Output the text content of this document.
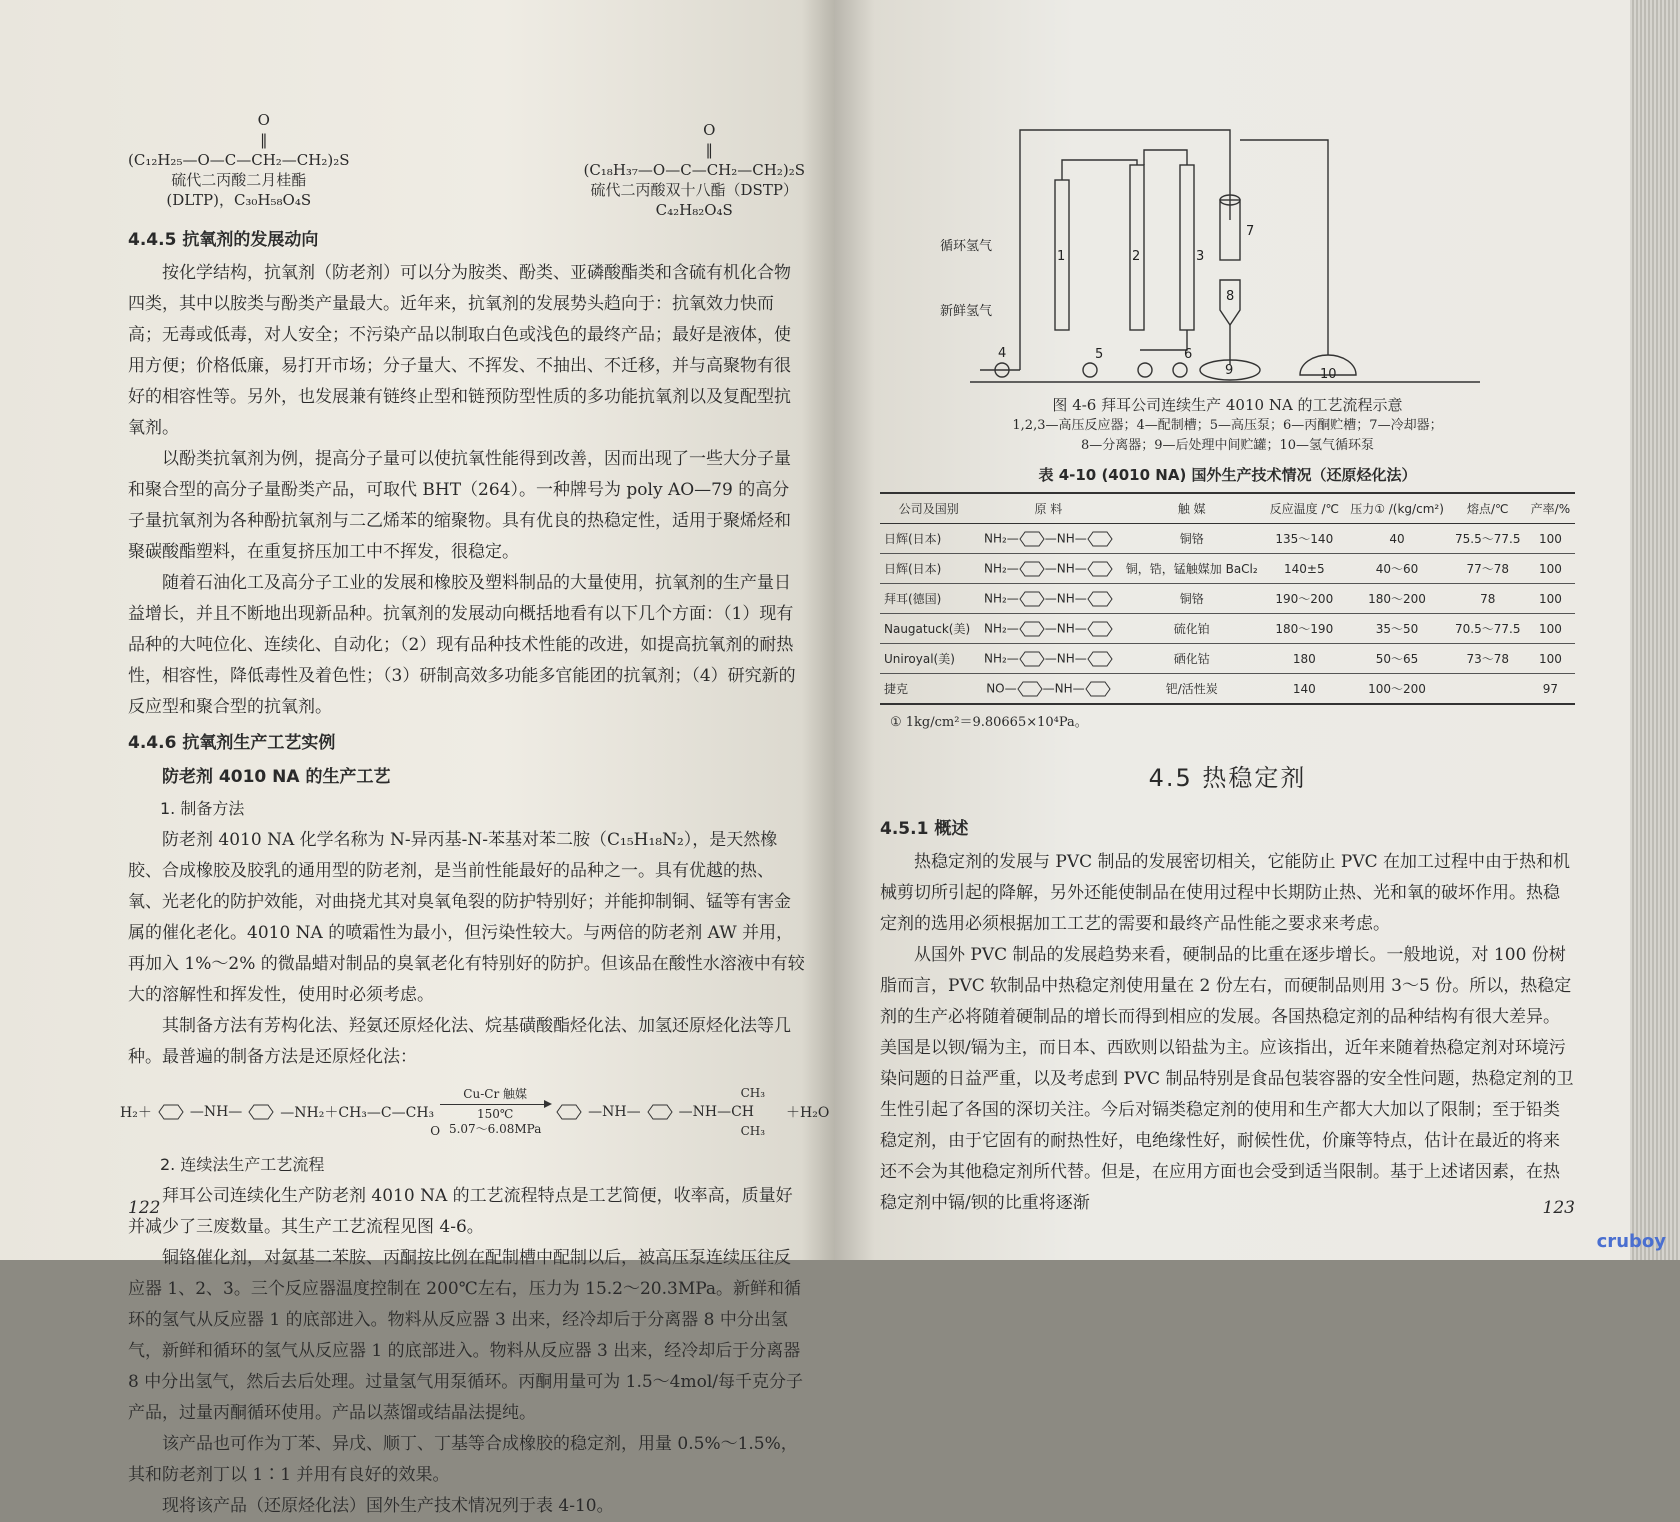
O
‖
(C₁₂H₂₅—O—C—CH₂—CH₂)₂S
硫代二丙酸二月桂酯
(DLTP)，C₃₀H₅₈O₄S
O
‖
(C₁₈H₃₇—O—C—CH₂—CH₂)₂S
硫代二丙酸双十八酯（DSTP）
C₄₂H₈₂O₄S
4.4.5 抗氧剂的发展动向

按化学结构，抗氧剂（防老剂）可以分为胺类、酚类、亚磷酸酯类和含硫有机化合物四类，其中以胺类与酚类产量最大。近年来，抗氧剂的发展势头趋向于：抗氧效力快而高；无毒或低毒，对人安全；不污染产品以制取白色或浅色的最终产品；最好是液体，使用方便；价格低廉，易打开市场；分子量大、不挥发、不抽出、不迁移，并与高聚物有很好的相容性等。另外，也发展兼有链终止型和链预防型性质的多功能抗氧剂以及复配型抗氧剂。

以酚类抗氧剂为例，提高分子量可以使抗氧性能得到改善，因而出现了一些大分子量和聚合型的高分子量酚类产品，可取代 BHT（264）。一种牌号为 poly AO—79 的高分子量抗氧剂为各种酚抗氧剂与二乙烯苯的缩聚物。具有优良的热稳定性，适用于聚烯烃和聚碳酸酯塑料，在重复挤压加工中不挥发，很稳定。

随着石油化工及高分子工业的发展和橡胶及塑料制品的大量使用，抗氧剂的生产量日益增长，并且不断地出现新品种。抗氧剂的发展动向概括地看有以下几个方面：（1）现有品种的大吨位化、连续化、自动化；（2）现有品种技术性能的改进，如提高抗氧剂的耐热性，相容性，降低毒性及着色性；（3）研制高效多功能多官能团的抗氧剂；（4）研究新的反应型和聚合型的抗氧剂。

4.4.6 抗氧剂生产工艺实例
防老剂 4010 NA 的生产工艺
1. 制备方法

防老剂 4010 NA 化学名称为 N-异丙基-N-苯基对苯二胺（C₁₅H₁₈N₂），是天然橡胶、合成橡胶及胶乳的通用型的防老剂，是当前性能最好的品种之一。具有优越的热、氧、光老化的防护效能，对曲挠尤其对臭氧龟裂的防护特别好；并能抑制铜、锰等有害金属的催化老化。4010 NA 的喷霜性为最小，但污染性较大。与两倍的防老剂 AW 并用，再加入 1%～2% 的微晶蜡对制品的臭氧老化有特别好的防护。但该品在酸性水溶液中有较大的溶解性和挥发性，使用时必须考虑。

其制备方法有芳构化法、羟氨还原烃化法、烷基磺酸酯烃化法、加氢还原烃化法等几种。最普遍的制备方法是还原烃化法：

H₂＋	—NH—	—NH₂＋CH₃—C—CH₃
O
Cu-Cr 触媒
150℃
5.07～6.08MPa
—NH—	—NH—CH
CH₃
CH₃
＋H₂O
2. 连续法生产工艺流程

拜耳公司连续化生产防老剂 4010 NA 的工艺流程特点是工艺简便，收率高，质量好并减少了三废数量。其生产工艺流程见图 4-6。

铜铬催化剂，对氨基二苯胺、丙酮按比例在配制槽中配制以后，被高压泵连续压往反应器 1、2、3。三个反应器温度控制在 200℃左右，压力为 15.2～20.3MPa。新鲜和循环的氢气从反应器 1 的底部进入。物料从反应器 3 出来，经冷却后于分离器 8 中分出氢气，新鲜和循环的氢气从反应器 1 的底部进入。物料从反应器 3 出来，经冷却后于分离器 8 中分出氢气，然后去后处理。过量氢气用泵循环。丙酮用量可为 1.5～4mol/每千克分子产品，过量丙酮循环使用。产品以蒸馏或结晶法提纯。

该产品也可作为丁苯、异戊、顺丁、丁基等合成橡胶的稳定剂，用量 0.5%～1.5%，其和防老剂丁以 1∶1 并用有良好的效果。

现将该产品（还原烃化法）国外生产技术情况列于表 4-10。

122
循环氢气
新鲜氢气
1	2	3
4	5	6
7
8
9	10
图 4-6 拜耳公司连续生产 4010 NA 的工艺流程示意
1,2,3—高压反应器；4—配制槽；5—高压泵；6—丙酮贮槽；7—冷却器；
8—分离器；9—后处理中间贮罐；10—氢气循环泵
表 4-10 (4010 NA) 国外生产技术情况（还原烃化法）
公司及国别	原 料	触 媒	反应温度 /℃	压力① /(kg/cm²)	熔点/℃	产率/%
日辉(日本)	NH₂— —NH—	铜铬	135～140	40	75.5～77.5	100
日辉(日本)	NH₂— —NH—	铜，锆，锰触媒加 BaCl₂	140±5	40～60	77～78	100
拜耳(德国)	NH₂— —NH—	铜铬	190～200	180～200	78	100
Naugatuck(美)	NH₂— —NH—	硫化铂	180～190	35～50	70.5～77.5	100
Uniroyal(美)	NH₂— —NH—	硒化钴	180	50～65	73～78	100
捷克	NO— —NH—	钯/活性炭	140	100～200		97
① 1kg/cm²＝9.80665×10⁴Pa。
4.5 热稳定剂
4.5.1 概述

热稳定剂的发展与 PVC 制品的发展密切相关，它能防止 PVC 在加工过程中由于热和机械剪切所引起的降解，另外还能使制品在使用过程中长期防止热、光和氧的破坏作用。热稳定剂的选用必须根据加工工艺的需要和最终产品性能之要求来考虑。

从国外 PVC 制品的发展趋势来看，硬制品的比重在逐步增长。一般地说，对 100 份树脂而言，PVC 软制品中热稳定剂使用量在 2 份左右，而硬制品则用 3～5 份。所以，热稳定剂的生产必将随着硬制品的增长而得到相应的发展。各国热稳定剂的品种结构有很大差异。美国是以钡/镉为主，而日本、西欧则以铅盐为主。应该指出，近年来随着热稳定剂对环境污染问题的日益严重，以及考虑到 PVC 制品特别是食品包装容器的安全性问题，热稳定剂的卫生性引起了各国的深切关注。今后对镉类稳定剂的使用和生产都大大加以了限制；至于铅类稳定剂，由于它固有的耐热性好，电绝缘性好，耐候性优，价廉等特点，估计在最近的将来还不会为其他稳定剂所代替。但是，在应用方面也会受到适当限制。基于上述诸因素，在热稳定剂中镉/钡的比重将逐渐	123
cruboy
